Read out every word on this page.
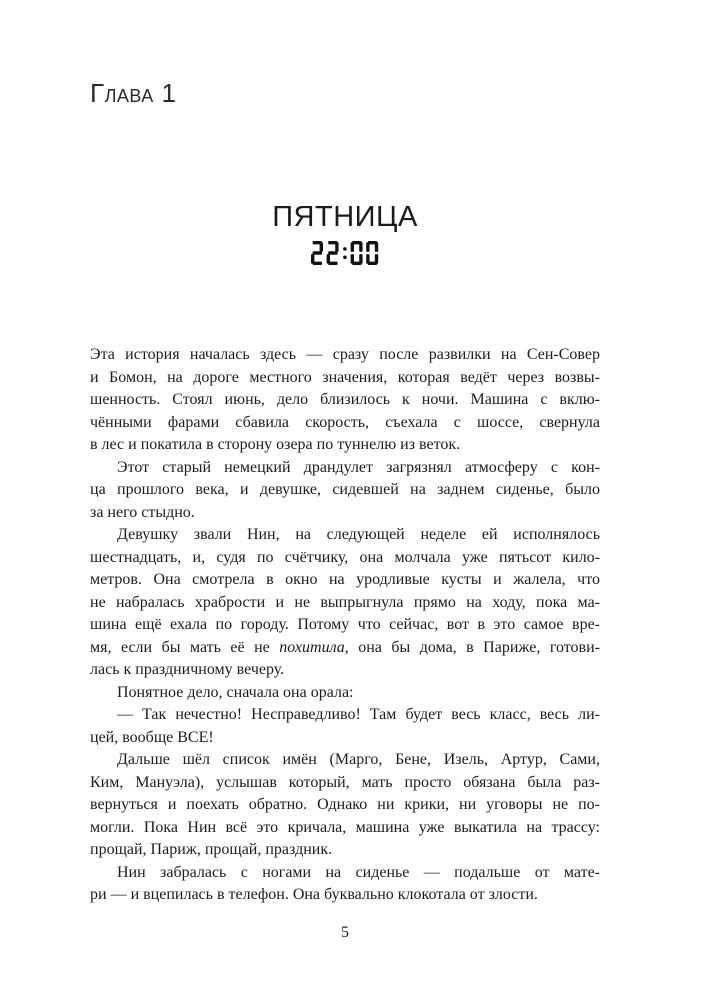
Глава 1
ПЯТНИЦА

Эта история началась здесь — сразу после развилки на Сен-Совер
и Бомон, на дороге местного значения, которая ведёт через возвы-
шенность. Стоял июнь, дело близилось к ночи. Машина с вклю-
чёнными фарами сбавила скорость, съехала с шоссе, свернула
в лес и покатила в сторону озера по туннелю из веток.

Этот старый немецкий драндулет загрязнял атмосферу с кон-
ца прошлого века, и девушке, сидевшей на заднем сиденье, было
за него стыдно.

Девушку звали Нин, на следующей неделе ей исполнялось
шестнадцать, и, судя по счётчику, она молчала уже пятьсот кило-
метров. Она смотрела в окно на уродливые кусты и жалела, что
не набралась храбрости и не выпрыгнула прямо на ходу, пока ма-
шина ещё ехала по городу. Потому что сейчас, вот в это самое вре-
мя, если бы мать её не похитила, она бы дома, в Париже, готови-
лась к праздничному вечеру.

Понятное дело, сначала она орала:

— Так нечестно! Несправедливо! Там будет весь класс, весь ли-
цей, вообще ВСЕ!

Дальше шёл список имён (Марго, Бене, Изель, Артур, Сами,
Ким, Мануэла), услышав который, мать просто обязана была раз-
вернуться и поехать обратно. Однако ни крики, ни уговоры не по-
могли. Пока Нин всё это кричала, машина уже выкатила на трассу:
прощай, Париж, прощай, праздник.

Нин забралась с ногами на сиденье — подальше от мате-
ри — и вцепилась в телефон. Она буквально клокотала от злости.

5
